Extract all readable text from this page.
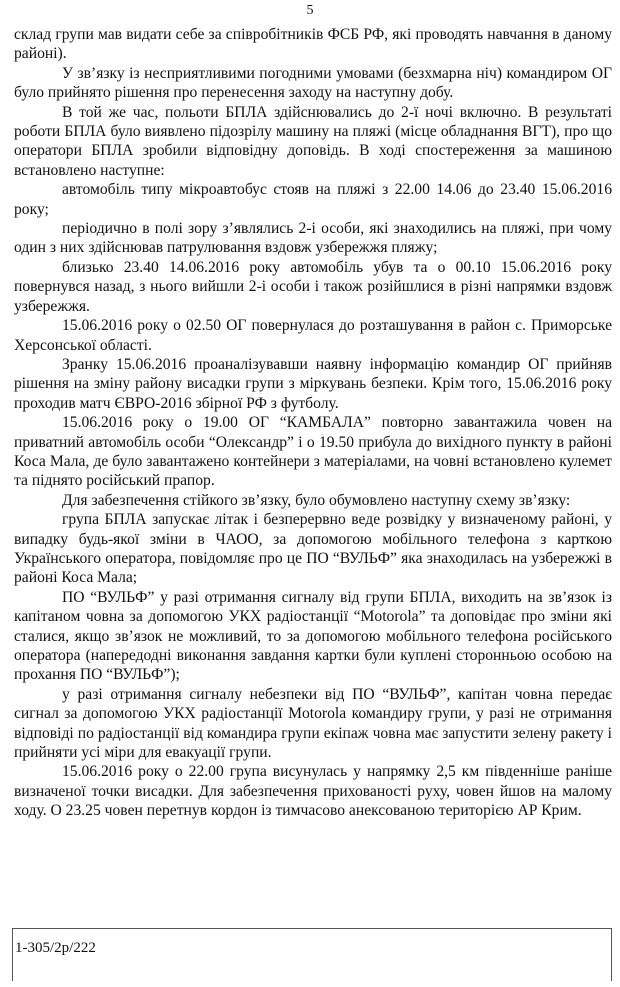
5

склад групи мав видати себе за співробітників ФСБ РФ, які проводять навчання в даному районі).

У зв’язку із несприятливими погодними умовами (безхмарна ніч) командиром ОГ було прийнято рішення про перенесення заходу на наступну добу.

В той же час, польоти БПЛА здійснювались до 2-ї ночі включно. В результаті роботи БПЛА було виявлено підозрілу машину на пляжі (місце обладнання ВГТ), про що оператори БПЛА зробили відповідну доповідь. В ході спостереження за машиною встановлено наступне:

автомобіль типу мікроавтобус стояв на пляжі з 22.00 14.06 до 23.40 15.06.2016 року;

періодично в полі зору з’являлись 2-і особи, які знаходились на пляжі, при чому один з них здійснював патрулювання вздовж узбережжя пляжу;

близько 23.40 14.06.2016 року автомобіль убув та о 00.10 15.06.2016 року повернувся назад, з нього вийшли 2-і особи і також розійшлися в різні напрямки вздовж узбережжя.

15.06.2016 року о 02.50 ОГ повернулася до розташування в район с. Приморське Херсонської області.

Зранку 15.06.2016 проаналізувавши наявну інформацію командир ОГ прийняв рішення на зміну району висадки групи з міркувань безпеки. Крім того, 15.06.2016 року проходив матч ЄВРО-2016 збірної РФ з футболу.

15.06.2016 року о 19.00 ОГ “КАМБАЛА” повторно завантажила човен на приватний автомобіль особи “Олександр” і о 19.50 прибула до вихідного пункту в районі Коса Мала, де було завантажено контейнери з матеріалами, на човні встановлено кулемет та піднято російський прапор.

Для забезпечення стійкого зв’язку, було обумовлено наступну схему зв’язку:

група БПЛА запускає літак і безперервно веде розвідку у визначеному районі, у випадку будь-якої зміни в ЧАОО, за допомогою мобільного телефона з карткою Українського оператора, повідомляє про це ПО “ВУЛЬФ” яка знаходилась на узбережжі в районі Коса Мала;

ПО “ВУЛЬФ” у разі отримання сигналу від групи БПЛА, виходить на зв’язок із капітаном човна за допомогою УКХ радіостанції “Motorola” та доповідає про зміни які сталися, якщо зв’язок не можливий, то за допомогою мобільного телефона російського оператора (напередодні виконання завдання картки були куплені сторонньою особою на прохання ПО “ВУЛЬФ”);

у разі отримання сигналу небезпеки від ПО “ВУЛЬФ”, капітан човна передає сигнал за допомогою УКХ радіостанції Motorola командиру групи, у разі не отримання відповіді по радіостанції від командира групи екіпаж човна має запустити зелену ракету і прийняти усі міри для евакуації групи.

15.06.2016 року о 22.00 група висунулась у напрямку 2,5 км південніше раніше визначеної точки висадки. Для забезпечення прихованості руху, човен йшов на малому ходу. О 23.25 човен перетнув кордон із тимчасово анексованою територією АР Крим.

1-305/2р/222
